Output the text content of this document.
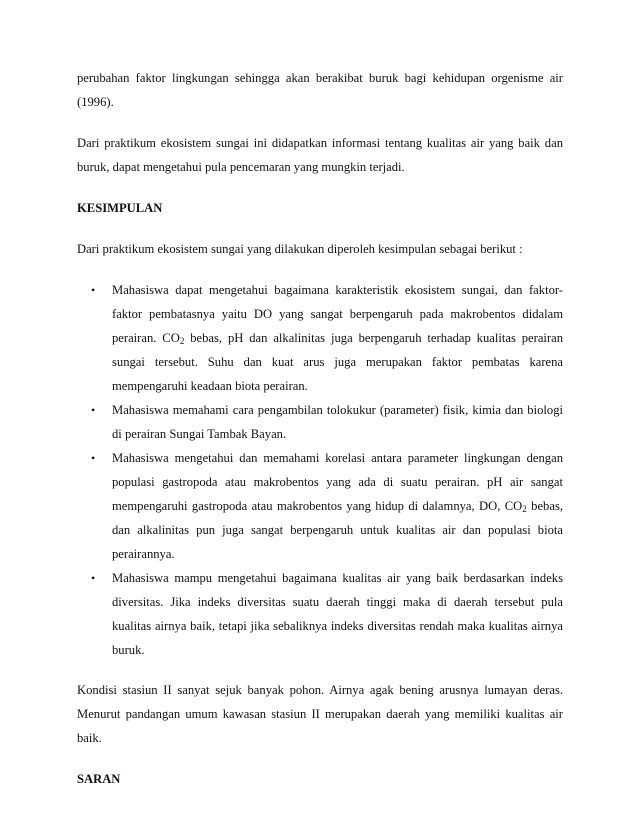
perubahan faktor lingkungan sehingga akan berakibat buruk bagi kehidupan orgenisme air (1996).

Dari praktikum ekosistem sungai ini didapatkan informasi tentang kualitas air yang baik dan buruk, dapat mengetahui pula pencemaran yang mungkin terjadi.

KESIMPULAN

Dari praktikum ekosistem sungai yang dilakukan diperoleh kesimpulan sebagai berikut :

• Mahasiswa dapat mengetahui bagaimana karakteristik ekosistem sungai, dan faktor-faktor pembatasnya yaitu DO yang sangat berpengaruh pada makrobentos didalam perairan. $CO_2$ bebas, pH dan alkalinitas juga berpengaruh terhadap kualitas perairan sungai tersebut. Suhu dan kuat arus juga merupakan faktor pembatas karena mempengaruhi keadaan biota perairan.
• Mahasiswa memahami cara pengambilan tolokukur (parameter) fisik, kimia dan biologi di perairan Sungai Tambak Bayan.
• Mahasiswa mengetahui dan memahami korelasi antara parameter lingkungan dengan populasi gastropoda atau makrobentos yang ada di suatu perairan. pH air sangat mempengaruhi gastropoda atau makrobentos yang hidup di dalamnya, DO, $CO_2$ bebas, dan alkalinitas pun juga sangat berpengaruh untuk kualitas air dan populasi biota perairannya.
• Mahasiswa mampu mengetahui bagaimana kualitas air yang baik berdasarkan indeks diversitas. Jika indeks diversitas suatu daerah tinggi maka di daerah tersebut pula kualitas airnya baik, tetapi jika sebaliknya indeks diversitas rendah maka kualitas airnya buruk.

Kondisi stasiun II sanyat sejuk banyak pohon. Airnya agak bening arusnya lumayan deras. Menurut pandangan umum kawasan stasiun II merupakan daerah yang memiliki kualitas air baik.

SARAN
